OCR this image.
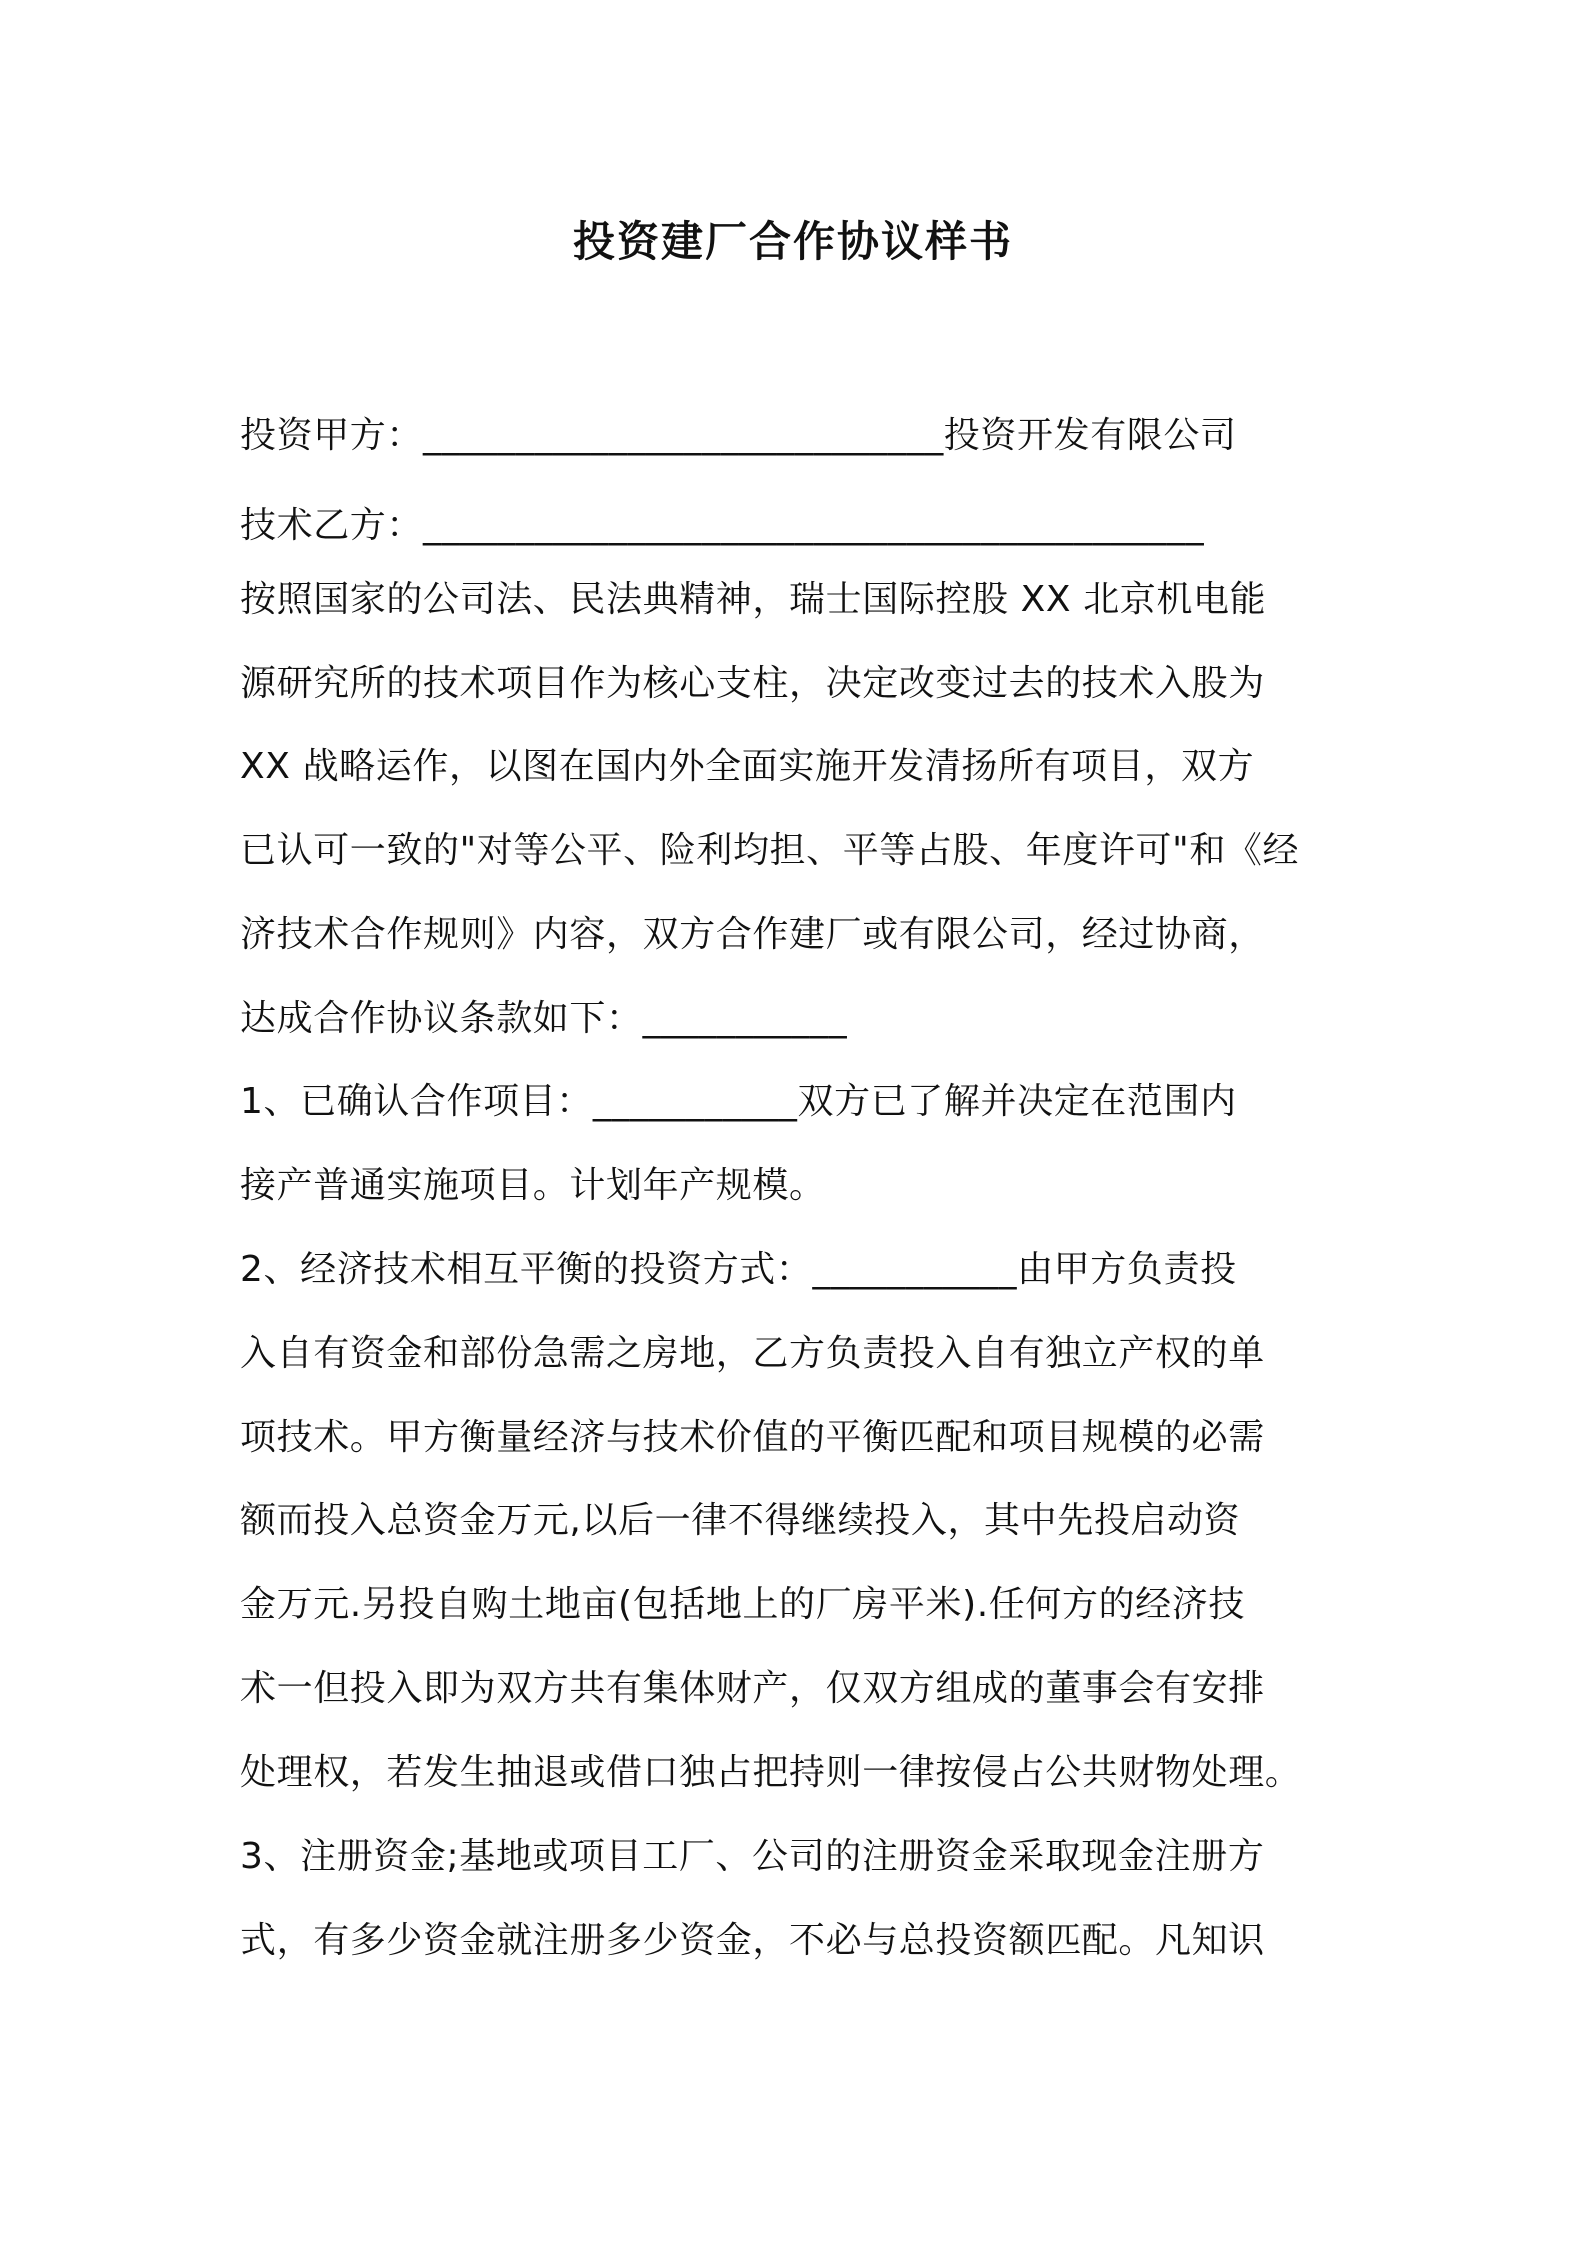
投资建厂合作协议样书
投资甲方：____________________________投资开发有限公司
技术乙方：__________________________________________
按照国家的公司法、民法典精神，瑞士国际控股 XX 北京机电能
源研究所的技术项目作为核心支柱，决定改变过去的技术入股为
XX 战略运作，以图在国内外全面实施开发清扬所有项目，双方
已认可一致的"对等公平、险利均担、平等占股、年度许可"和《经
济技术合作规则》内容，双方合作建厂或有限公司，经过协商，
达成合作协议条款如下：___________
1、已确认合作项目：___________双方已了解并决定在范围内
接产普通实施项目。计划年产规模。
2、经济技术相互平衡的投资方式：___________由甲方负责投
入自有资金和部份急需之房地，乙方负责投入自有独立产权的单
项技术。甲方衡量经济与技术价值的平衡匹配和项目规模的必需
额而投入总资金万元,以后一律不得继续投入，其中先投启动资
金万元.另投自购土地亩(包括地上的厂房平米).任何方的经济技
术一但投入即为双方共有集体财产，仅双方组成的董事会有安排
处理权，若发生抽退或借口独占把持则一律按侵占公共财物处理。
3、注册资金;基地或项目工厂、公司的注册资金采取现金注册方
式，有多少资金就注册多少资金，不必与总投资额匹配。凡知识
